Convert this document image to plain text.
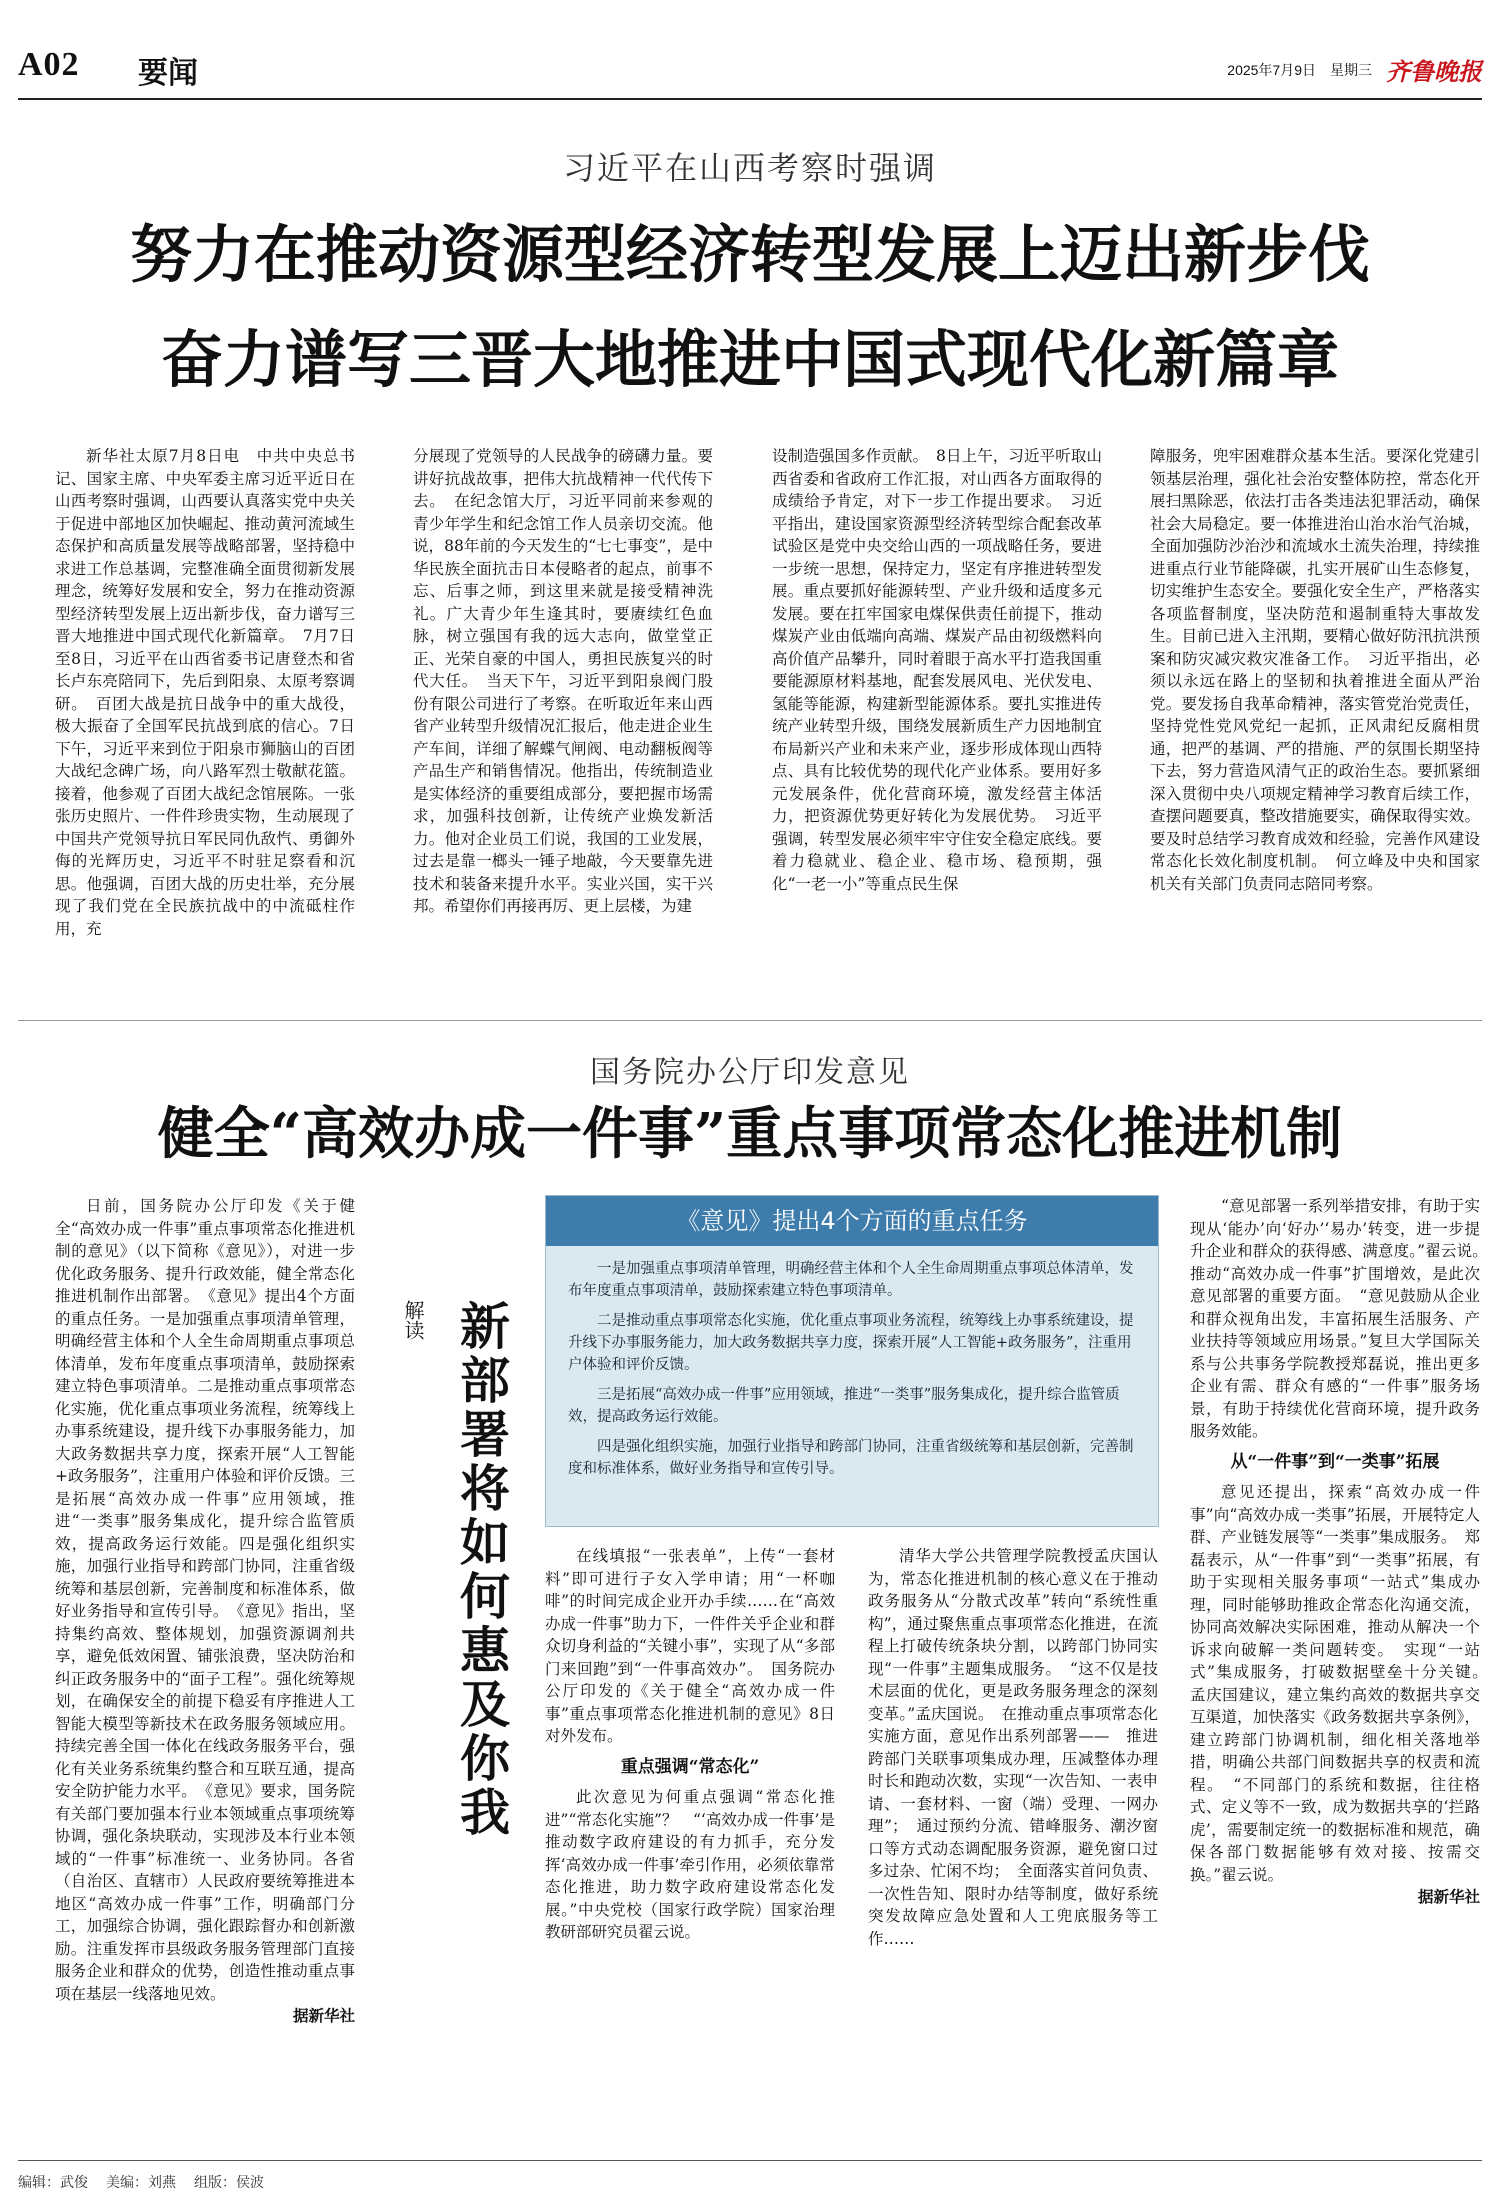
A02 要闻	2025年7月9日 星期三 齐鲁晚报
习近平在山西考察时强调
努力在推动资源型经济转型发展上迈出新步伐
奋力谱写三晋大地推进中国式现代化新篇章

新华社太原7月8日电　中共中央总书记、国家主席、中央军委主席习近平近日在山西考察时强调，山西要认真落实党中央关于促进中部地区加快崛起、推动黄河流域生态保护和高质量发展等战略部署，坚持稳中求进工作总基调，完整准确全面贯彻新发展理念，统筹好发展和安全，努力在推动资源型经济转型发展上迈出新步伐，奋力谱写三晋大地推进中国式现代化新篇章。　7月7日至8日，习近平在山西省委书记唐登杰和省长卢东亮陪同下，先后到阳泉、太原考察调研。　百团大战是抗日战争中的重大战役，极大振奋了全国军民抗战到底的信心。7日下午，习近平来到位于阳泉市狮脑山的百团大战纪念碑广场，向八路军烈士敬献花篮。接着，他参观了百团大战纪念馆展陈。一张张历史照片、一件件珍贵实物，生动展现了中国共产党领导抗日军民同仇敌忾、勇御外侮的光辉历史，习近平不时驻足察看和沉思。他强调，百团大战的历史壮举，充分展现了我们党在全民族抗战中的中流砥柱作用，充

分展现了党领导的人民战争的磅礴力量。要讲好抗战故事，把伟大抗战精神一代代传下去。　在纪念馆大厅，习近平同前来参观的青少年学生和纪念馆工作人员亲切交流。他说，88年前的今天发生的“七七事变”，是中华民族全面抗击日本侵略者的起点，前事不忘、后事之师，到这里来就是接受精神洗礼。广大青少年生逢其时，要赓续红色血脉，树立强国有我的远大志向，做堂堂正正、光荣自豪的中国人，勇担民族复兴的时代大任。　当天下午，习近平到阳泉阀门股份有限公司进行了考察。在听取近年来山西省产业转型升级情况汇报后，他走进企业生产车间，详细了解蝶气闸阀、电动翻板阀等产品生产和销售情况。他指出，传统制造业是实体经济的重要组成部分，要把握市场需求，加强科技创新，让传统产业焕发新活力。他对企业员工们说，我国的工业发展，过去是靠一榔头一锤子地敲，今天要靠先进技术和装备来提升水平。实业兴国，实干兴邦。希望你们再接再厉、更上层楼，为建

设制造强国多作贡献。　8日上午，习近平听取山西省委和省政府工作汇报，对山西各方面取得的成绩给予肯定，对下一步工作提出要求。　习近平指出，建设国家资源型经济转型综合配套改革试验区是党中央交给山西的一项战略任务，要进一步统一思想，保持定力，坚定有序推进转型发展。重点要抓好能源转型、产业升级和适度多元发展。要在扛牢国家电煤保供责任前提下，推动煤炭产业由低端向高端、煤炭产品由初级燃料向高价值产品攀升，同时着眼于高水平打造我国重要能源原材料基地，配套发展风电、光伏发电、氢能等能源，构建新型能源体系。要扎实推进传统产业转型升级，围绕发展新质生产力因地制宜布局新兴产业和未来产业，逐步形成体现山西特点、具有比较优势的现代化产业体系。要用好多元发展条件，优化营商环境，激发经营主体活力，把资源优势更好转化为发展优势。　习近平强调，转型发展必须牢牢守住安全稳定底线。要着力稳就业、稳企业、稳市场、稳预期，强化“一老一小”等重点民生保

障服务，兜牢困难群众基本生活。要深化党建引领基层治理，强化社会治安整体防控，常态化开展扫黑除恶，依法打击各类违法犯罪活动，确保社会大局稳定。要一体推进治山治水治气治城，全面加强防沙治沙和流域水土流失治理，持续推进重点行业节能降碳，扎实开展矿山生态修复，切实维护生态安全。要强化安全生产，严格落实各项监督制度，坚决防范和遏制重特大事故发生。目前已进入主汛期，要精心做好防汛抗洪预案和防灾减灾救灾准备工作。　习近平指出，必须以永远在路上的坚韧和执着推进全面从严治党。要发扬自我革命精神，落实管党治党责任，坚持党性党风党纪一起抓，正风肃纪反腐相贯通，把严的基调、严的措施、严的氛围长期坚持下去，努力营造风清气正的政治生态。要抓紧细深入贯彻中央八项规定精神学习教育后续工作，查摆问题要真，整改措施要实，确保取得实效。要及时总结学习教育成效和经验，完善作风建设常态化长效化制度机制。　何立峰及中央和国家机关有关部门负责同志陪同考察。

国务院办公厅印发意见
健全“高效办成一件事”重点事项常态化推进机制

日前，国务院办公厅印发《关于健全“高效办成一件事”重点事项常态化推进机制的意见》（以下简称《意见》），对进一步优化政务服务、提升行政效能，健全常态化推进机制作出部署。　《意见》提出4个方面的重点任务。一是加强重点事项清单管理，明确经营主体和个人全生命周期重点事项总体清单，发布年度重点事项清单，鼓励探索建立特色事项清单。二是推动重点事项常态化实施，优化重点事项业务流程，统筹线上办事系统建设，提升线下办事服务能力，加大政务数据共享力度，探索开展“人工智能+政务服务”，注重用户体验和评价反馈。三是拓展“高效办成一件事”应用领域，推进“一类事”服务集成化，提升综合监管质效，提高政务运行效能。四是强化组织实施，加强行业指导和跨部门协同，注重省级统筹和基层创新，完善制度和标准体系，做好业务指导和宣传引导。　《意见》指出，坚持集约高效、整体规划，加强资源调剂共享，避免低效闲置、铺张浪费，坚决防治和纠正政务服务中的“面子工程”。强化统筹规划，在确保安全的前提下稳妥有序推进人工智能大模型等新技术在政务服务领域应用。持续完善全国一体化在线政务服务平台，强化有关业务系统集约整合和互联互通，提高安全防护能力水平。　《意见》要求，国务院有关部门要加强本行业本领域重点事项统筹协调，强化条块联动，实现涉及本行业本领域的“一件事”标准统一、业务协同。各省（自治区、直辖市）人民政府要统筹推进本地区“高效办成一件事”工作，明确部门分工，加强综合协调，强化跟踪督办和创新激励。注重发挥市县级政务服务管理部门直接服务企业和群众的优势，创造性推动重点事项在基层一线落地见效。

据新华社

解读 新部署将如何惠及你我
《意见》提出4个方面的重点任务

一是加强重点事项清单管理，明确经营主体和个人全生命周期重点事项总体清单，发布年度重点事项清单，鼓励探索建立特色事项清单。

二是推动重点事项常态化实施，优化重点事项业务流程，统筹线上办事系统建设，提升线下办事服务能力，加大政务数据共享力度，探索开展“人工智能+政务服务”，注重用户体验和评价反馈。

三是拓展“高效办成一件事”应用领域，推进“一类事”服务集成化，提升综合监管质效，提高政务运行效能。

四是强化组织实施，加强行业指导和跨部门协同，注重省级统筹和基层创新，完善制度和标准体系，做好业务指导和宣传引导。

在线填报“一张表单”，上传“一套材料”即可进行子女入学申请；用“一杯咖啡”的时间完成企业开办手续……在“高效办成一件事”助力下，一件件关乎企业和群众切身利益的“关键小事”，实现了从“多部门来回跑”到“一件事高效办”。　国务院办公厅印发的《关于健全“高效办成一件事”重点事项常态化推进机制的意见》8日对外发布。

重点强调“常态化”

此次意见为何重点强调“常态化推进”“常态化实施”？　“‘高效办成一件事’是推动数字政府建设的有力抓手，充分发挥‘高效办成一件事’牵引作用，必须依靠常态化推进，助力数字政府建设常态化发展。”中央党校（国家行政学院）国家治理教研部研究员翟云说。

清华大学公共管理学院教授孟庆国认为，常态化推进机制的核心意义在于推动政务服务从“分散式改革”转向“系统性重构”，通过聚焦重点事项常态化推进，在流程上打破传统条块分割，以跨部门协同实现“一件事”主题集成服务。　“这不仅是技术层面的优化，更是政务服务理念的深刻变革。”孟庆国说。　在推动重点事项常态化实施方面，意见作出系列部署——　推进跨部门关联事项集成办理，压减整体办理时长和跑动次数，实现“一次告知、一表申请、一套材料、一窗（端）受理、一网办理”；　通过预约分流、错峰服务、潮汐窗口等方式动态调配服务资源，避免窗口过多过杂、忙闲不均；　全面落实首问负责、一次性告知、限时办结等制度，做好系统突发故障应急处置和人工兜底服务等工作……

“意见部署一系列举措安排，有助于实现从‘能办’向‘好办’‘易办’转变，进一步提升企业和群众的获得感、满意度。”翟云说。　推动“高效办成一件事”扩围增效，是此次意见部署的重要方面。　“意见鼓励从企业和群众视角出发，丰富拓展生活服务、产业扶持等领域应用场景。”复旦大学国际关系与公共事务学院教授郑磊说，推出更多企业有需、群众有感的“一件事”服务场景，有助于持续优化营商环境，提升政务服务效能。

从“一件事”到“一类事”拓展

意见还提出，探索“高效办成一件事”向“高效办成一类事”拓展，开展特定人群、产业链发展等“一类事”集成服务。　郑磊表示，从“一件事”到“一类事”拓展，有助于实现相关服务事项“一站式”集成办理，同时能够助推政企常态化沟通交流，协同高效解决实际困难，推动从解决一个诉求向破解一类问题转变。　实现“一站式”集成服务，打破数据壁垒十分关键。　孟庆国建议，建立集约高效的数据共享交互渠道，加快落实《政务数据共享条例》，建立跨部门协调机制，细化相关落地举措，明确公共部门间数据共享的权责和流程。　“不同部门的系统和数据，往往格式、定义等不一致，成为数据共享的‘拦路虎’，需要制定统一的数据标准和规范，确保各部门数据能够有效对接、按需交换。”翟云说。

据新华社

编辑：武俊 美编：刘燕 组版：侯波
